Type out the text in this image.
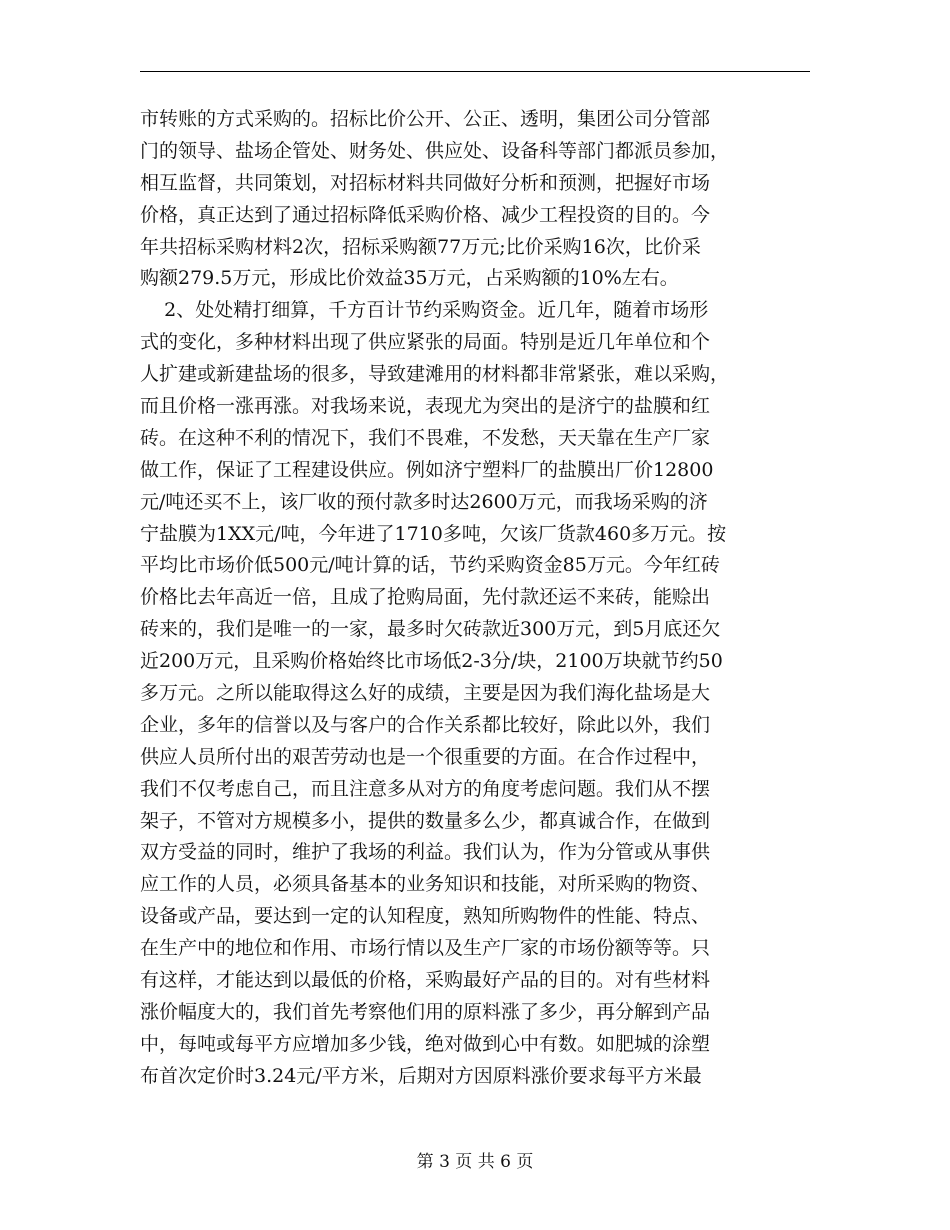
市转账的方式采购的。招标比价公开、公正、透明，集团公司分管部
门的领导、盐场企管处、财务处、供应处、设备科等部门都派员参加，
相互监督，共同策划，对招标材料共同做好分析和预测，把握好市场
价格，真正达到了通过招标降低采购价格、减少工程投资的目的。今
年共招标采购材料2次，招标采购额77万元;比价采购16次，比价采
购额279.5万元，形成比价效益35万元，占采购额的10%左右。
2、处处精打细算，千方百计节约采购资金。近几年，随着市场形
式的变化，多种材料出现了供应紧张的局面。特别是近几年单位和个
人扩建或新建盐场的很多，导致建滩用的材料都非常紧张，难以采购，
而且价格一涨再涨。对我场来说，表现尤为突出的是济宁的盐膜和红
砖。在这种不利的情况下，我们不畏难，不发愁，天天靠在生产厂家
做工作，保证了工程建设供应。例如济宁塑料厂的盐膜出厂价12800
元/吨还买不上，该厂收的预付款多时达2600万元，而我场采购的济
宁盐膜为1XX元/吨，今年进了1710多吨，欠该厂货款460多万元。按
平均比市场价低500元/吨计算的话，节约采购资金85万元。今年红砖
价格比去年高近一倍，且成了抢购局面，先付款还运不来砖，能赊出
砖来的，我们是唯一的一家，最多时欠砖款近300万元，到5月底还欠
近200万元，且采购价格始终比市场低2-3分/块，2100万块就节约50
多万元。之所以能取得这么好的成绩，主要是因为我们海化盐场是大
企业，多年的信誉以及与客户的合作关系都比较好，除此以外，我们
供应人员所付出的艰苦劳动也是一个很重要的方面。在合作过程中，
我们不仅考虑自己，而且注意多从对方的角度考虑问题。我们从不摆
架子，不管对方规模多小，提供的数量多么少，都真诚合作，在做到
双方受益的同时，维护了我场的利益。我们认为，作为分管或从事供
应工作的人员，必须具备基本的业务知识和技能，对所采购的物资、
设备或产品，要达到一定的认知程度，熟知所购物件的性能、特点、
在生产中的地位和作用、市场行情以及生产厂家的市场份额等等。只
有这样，才能达到以最低的价格，采购最好产品的目的。对有些材料
涨价幅度大的，我们首先考察他们用的原料涨了多少，再分解到产品
中，每吨或每平方应增加多少钱，绝对做到心中有数。如肥城的涂塑
布首次定价时3.24元/平方米，后期对方因原料涨价要求每平方米最
第 3 页 共 6 页
